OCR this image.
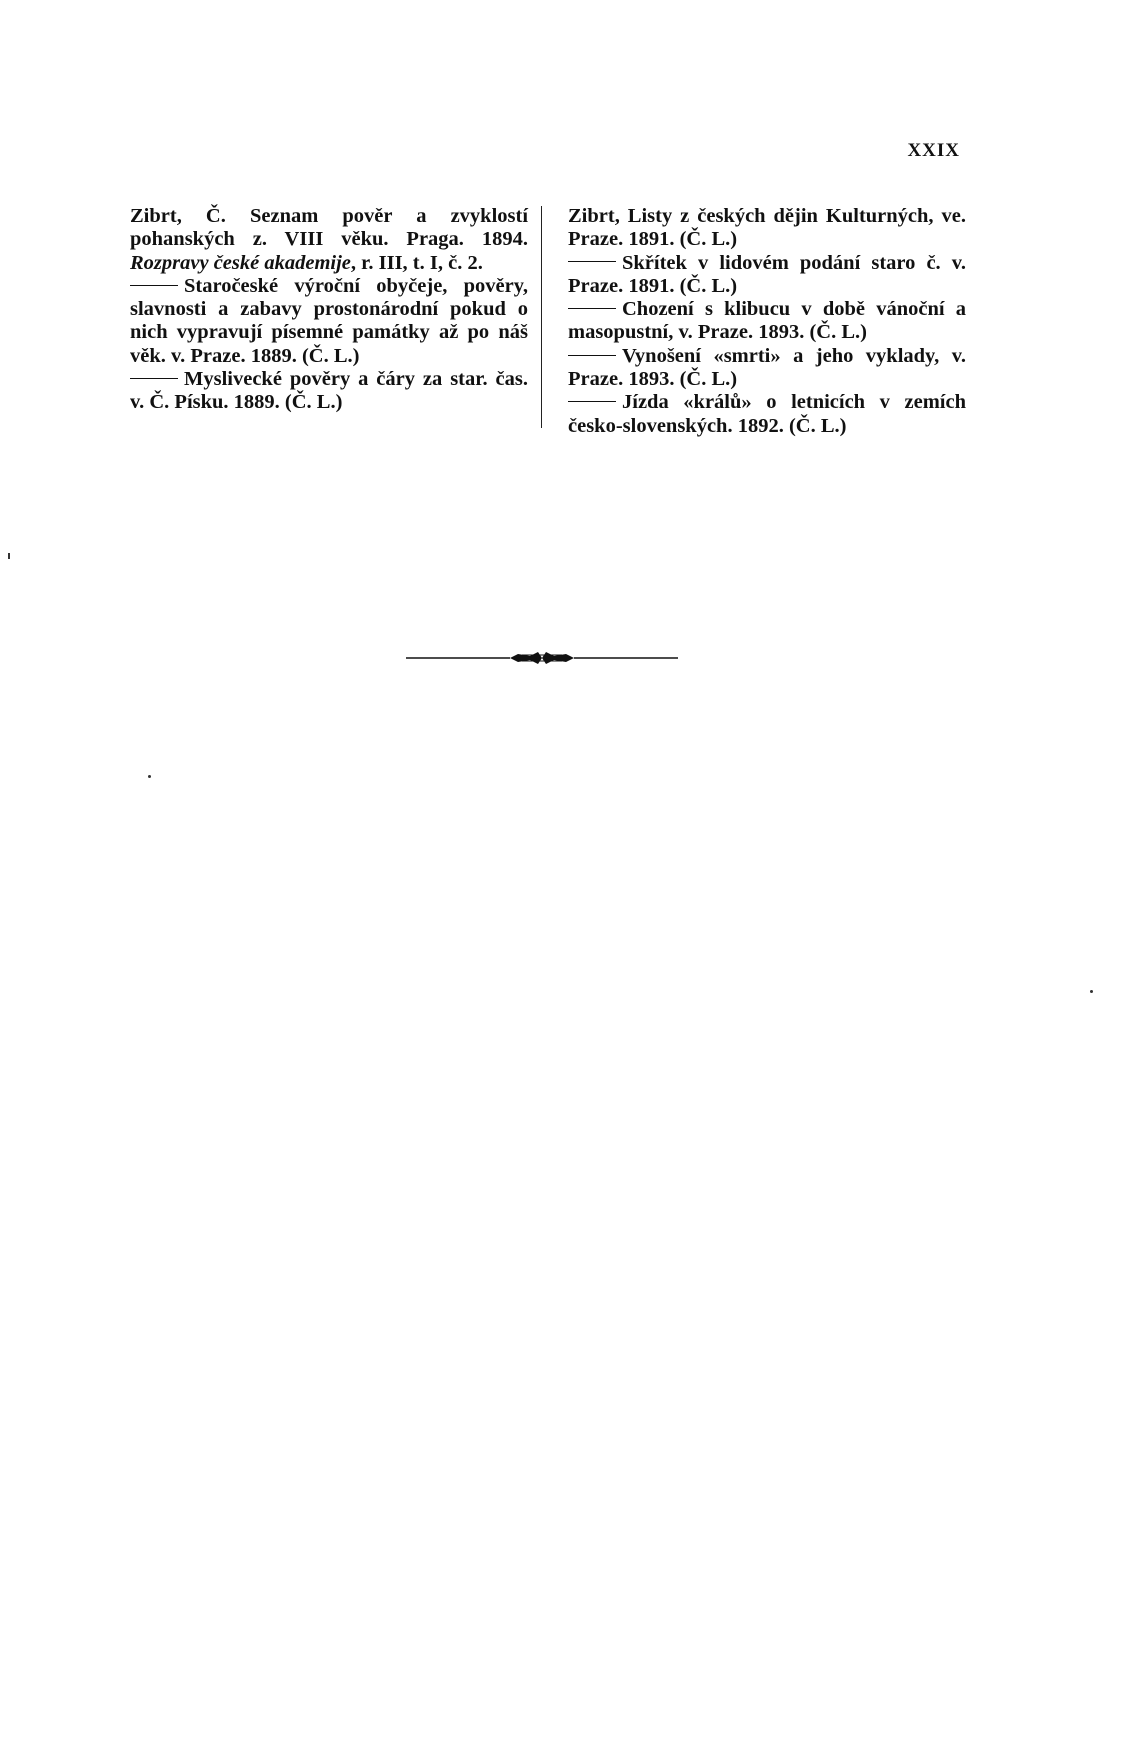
XXIX

Zibrt, Č. Seznam pověr a zvyklostí pohanských z. VIII věku. Praga. 1894. Rozpravy české akademije, r. III, t. I, č. 2.

Staročeské výroční obyčeje, pověry, slavnosti a zabavy prostonárodní pokud o nich vypravují písemné památky až po náš věk. v. Praze. 1889. (Č. L.)

Myslivecké pověry a čáry za star. čas. v. Č. Písku. 1889. (Č. L.)

Zibrt, Listy z českých dějin Kulturných, ve. Praze. 1891. (Č. L.)

Skřítek v lidovém podání staro č. v. Praze. 1891. (Č. L.)

Chození s klibucu v době vánoční a masopustní, v. Praze. 1893. (Č. L.)

Vynošení «smrti» a jeho vyklady, v. Praze. 1893. (Č. L.)

Jízda «králů» o letnicích v zemích česko-slovenských. 1892. (Č. L.)
